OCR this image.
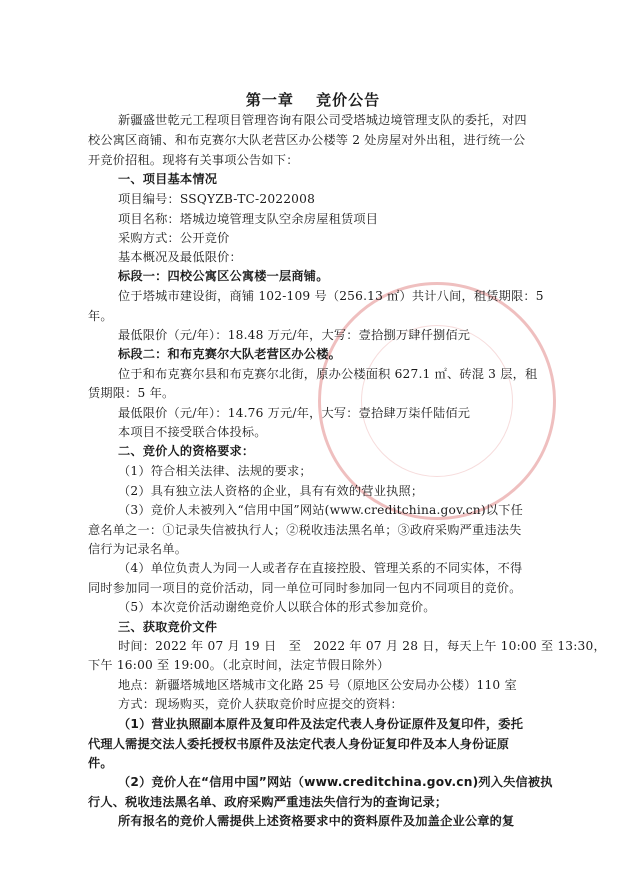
第一章　 竞价公告
新疆盛世乾元工程项目管理咨询有限公司受塔城边境管理支队的委托，对四
校公寓区商铺、和布克赛尔大队老营区办公楼等 2 处房屋对外出租，进行统一公
开竞价招租。现将有关事项公告如下：
一、项目基本情况
项目编号：SSQYZB-TC-2022008
项目名称：塔城边境管理支队空余房屋租赁项目
采购方式：公开竞价
基本概况及最低限价：
标段一：四校公寓区公寓楼一层商铺。
位于塔城市建设街，商铺 102-109 号（256.13 ㎡）共计八间，租赁期限：5
年。
最低限价（元/年）：18.48 万元/年，大写：壹拾捌万肆仟捌佰元
标段二：和布克赛尔大队老营区办公楼。
位于和布克赛尔县和布克赛尔北街，原办公楼面积 627.1 ㎡、砖混 3 层，租
赁期限：5 年。
最低限价（元/年）：14.76 万元/年，大写：壹拾肆万柒仟陆佰元
本项目不接受联合体投标。
二、竞价人的资格要求：
（1）符合相关法律、法规的要求；
（2）具有独立法人资格的企业，具有有效的营业执照；
（3）竞价人未被列入“信用中国”网站(www.creditchina.gov.cn)以下任
意名单之一：①记录失信被执行人；②税收违法黑名单；③政府采购严重违法失
信行为记录名单。
（4）单位负责人为同一人或者存在直接控股、管理关系的不同实体，不得
同时参加同一项目的竞价活动，同一单位可同时参加同一包内不同项目的竞价。
（5）本次竞价活动谢绝竞价人以联合体的形式参加竞价。
三、获取竞价文件
时间：2022 年 07 月 19 日　至　2022 年 07 月 28 日，每天上午 10:00 至 13:30，
下午 16:00 至 19:00。（北京时间，法定节假日除外）
地点：新疆塔城地区塔城市文化路 25 号（原地区公安局办公楼）110 室
方式：现场购买，竞价人获取竞价时应提交的资料：
（1）营业执照副本原件及复印件及法定代表人身份证原件及复印件，委托
代理人需提交法人委托授权书原件及法定代表人身份证复印件及本人身份证原
件。
（2）竞价人在“信用中国”网站（www.creditchina.gov.cn)列入失信被执
行人、税收违法黑名单、政府采购严重违法失信行为的查询记录；
所有报名的竞价人需提供上述资格要求中的资料原件及加盖企业公章的复
